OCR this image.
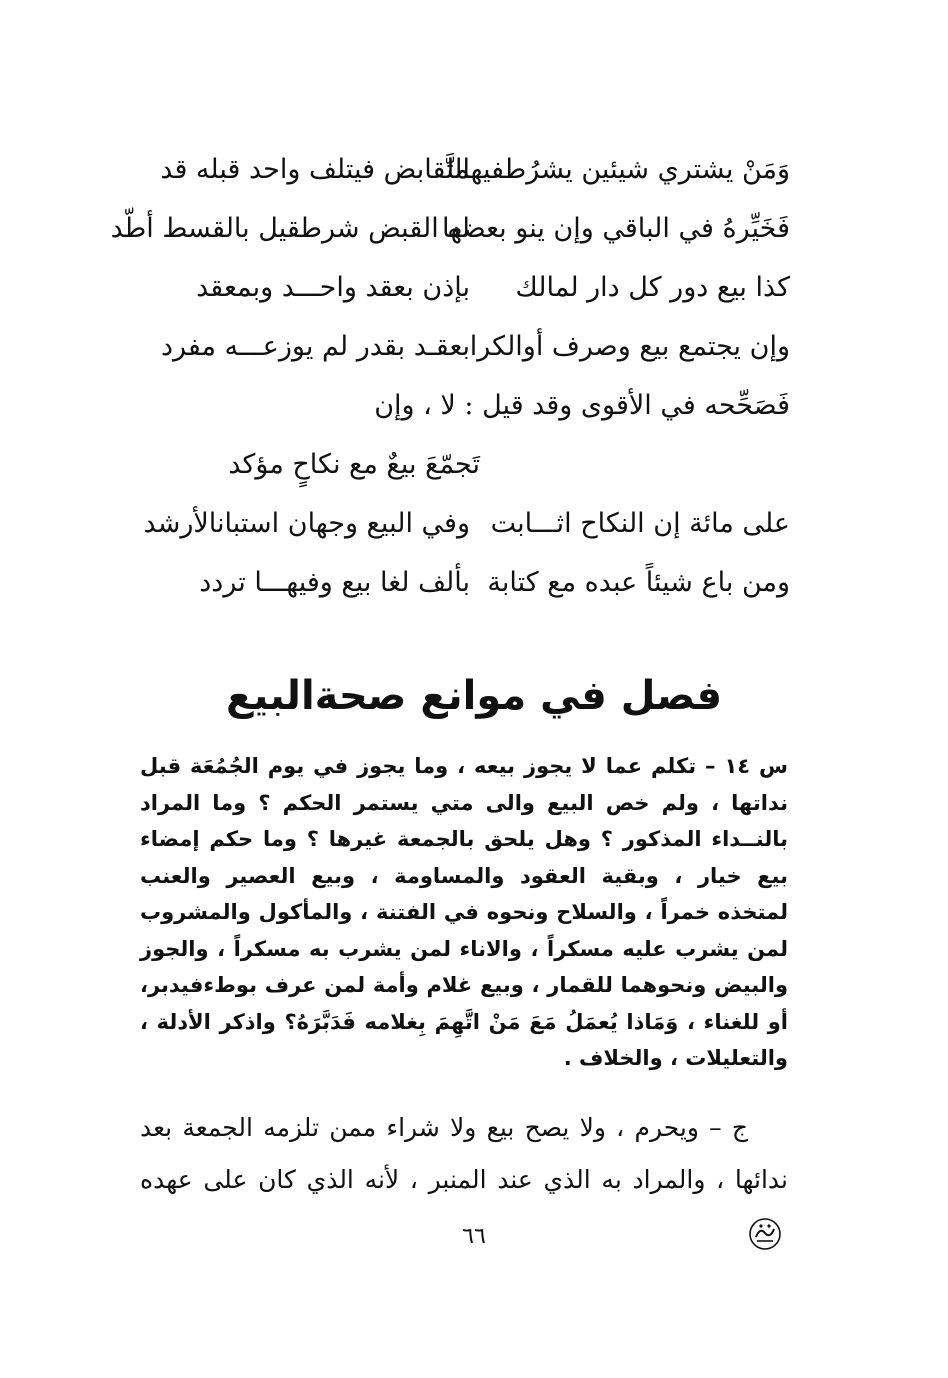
وَمَنْ يشتري شيئين يشرُطفيهما
التَّقابض فيتلف واحد قبله قد
فَخَيِّرهُ في الباقي وإن ينو بعضها
له القبض شرطقيل بالقسط أطّد
كذا بيع دور كل دار لمالك
بإذن بعقد واحـــد وبمعقد
وإن يجتمع بيع وصرف أوالكرا
بعقـد بقدر لم يوزعـــه مفرد
فَصَحِّحه في الأقوى وقد قيل : لا ، وإن
تَجمّعَ بيعٌ مع نكاحٍ مؤكد
على مائة إن النكاح اثـــابت
وفي البيع وجهان استبانالأرشد
ومن باع شيئاً عبده مع كتابة
بألف لغا بيع وفيهـــا تردد
فصل في موانع صحةالبيع
س ١٤ – تكلم عما لا يجوز بيعه ، وما يجوز في يوم الجُمُعَة قبل نداتها ، ولم خص البيع والى متي يستمر الحكم ؟ وما المراد بالنــداء المذكور ؟ وهل يلحق بالجمعة غيرها ؟ وما حكم إمضاء بيع خيار ، وبقية العقود والمساومة ، وبيع العصير والعنب لمتخذه خمراً ، والسلاح ونحوه في الفتنة ، والمأكول والمشروب لمن يشرب عليه مسكراً ، والاناء لمن يشرب به مسكراً ، والجوز والبيض ونحوهما للقمار ، وبيع غلام وأمة لمن عرف بوطءفيدبر، أو للغناء ، وَمَاذا يُعمَلُ مَعَ مَنْ اتَّهِمَ بِغلامه فَدَبَّرَهُ؟ واذكر الأدلة ، والتعليلات ، والخلاف .
ج – ويحرم ، ولا يصح بيع ولا شراء ممن تلزمه الجمعة بعد ندائها ، والمراد به الذي عند المنبر ، لأنه الذي كان على عهده
٦٦
